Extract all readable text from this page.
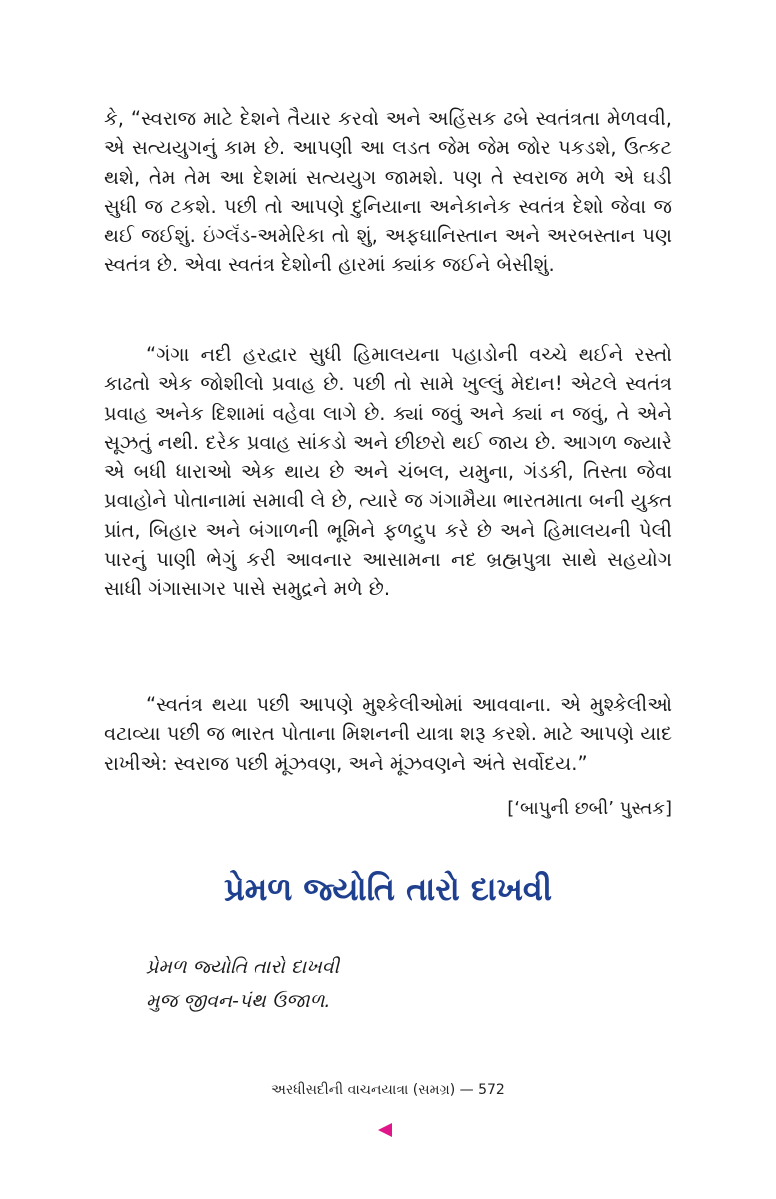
કે, “સ્વરાજ માટે દેશને તૈયાર કરવો અને અહિંસક ઢબે સ્વતંત્રતા મેળવવી, એ સત્યયુગનું કામ છે. આપણી આ લડત જેમ જેમ જોર પકડશે, ઉત્કટ થશે, તેમ તેમ આ દેશમાં સત્યયુગ જામશે. પણ તે સ્વરાજ મળે એ ઘડી સુધી જ ટકશે. પછી તો આપણે દુનિયાના અનેકાનેક સ્વતંત્ર દેશો જેવા જ થઈ જઈશું. ઇંગ્લૅંડ-અમેરિકા તો શું, અફઘાનિસ્તાન અને અરબસ્તાન પણ સ્વતંત્ર છે. એવા સ્વતંત્ર દેશોની હારમાં ક્યાંક જઈને બેસીશું.

“ગંગા નદી હરદ્વાર સુધી હિમાલયના પહાડોની વચ્ચે થઈને રસ્તો કાઢતો એક જોશીલો પ્રવાહ છે. પછી તો સામે ખુલ્લું મેદાન! એટલે સ્વતંત્ર પ્રવાહ અનેક દિશામાં વહેવા લાગે છે. ક્યાં જવું અને ક્યાં ન જવું, તે એને સૂઝતું નથી. દરેક પ્રવાહ સાંકડો અને છીછરો થઈ જાય છે. આગળ જ્યારે એ બધી ધારાઓ એક થાય છે અને ચંબલ, યમુના, ગંડકી, તિસ્તા જેવા પ્રવાહોને પોતાનામાં સમાવી લે છે, ત્યારે જ ગંગામૈયા ભારતમાતા બની યુક્ત પ્રાંત, બિહાર અને બંગાળની ભૂમિને ફળદ્રુપ કરે છે અને હિમાલયની પેલી પારનું પાણી ભેગું કરી આવનાર આસામના નદ બ્રહ્મપુત્રા સાથે સહયોગ સાધી ગંગાસાગર પાસે સમુદ્રને મળે છે.

“સ્વતંત્ર થયા પછી આપણે મુશ્કેલીઓમાં આવવાના. એ મુશ્કેલીઓ વટાવ્યા પછી જ ભારત પોતાના મિશનની યાત્રા શરૂ કરશે. માટે આપણે યાદ રાખીએ: સ્વરાજ પછી મૂંઝવણ, અને મૂંઝવણને અંતે સર્વોદય.”

[‘બાપુની છબી’ પુસ્તક]

પ્રેમળ જ્યોતિ તારો દાખવી
પ્રેમળ જ્યોતિ તારો દાખવી
મુજ જીવન-પંથ ઉજાળ.

અરધીસદીની વાચનયાત્રા (સમગ્ર) — 572
